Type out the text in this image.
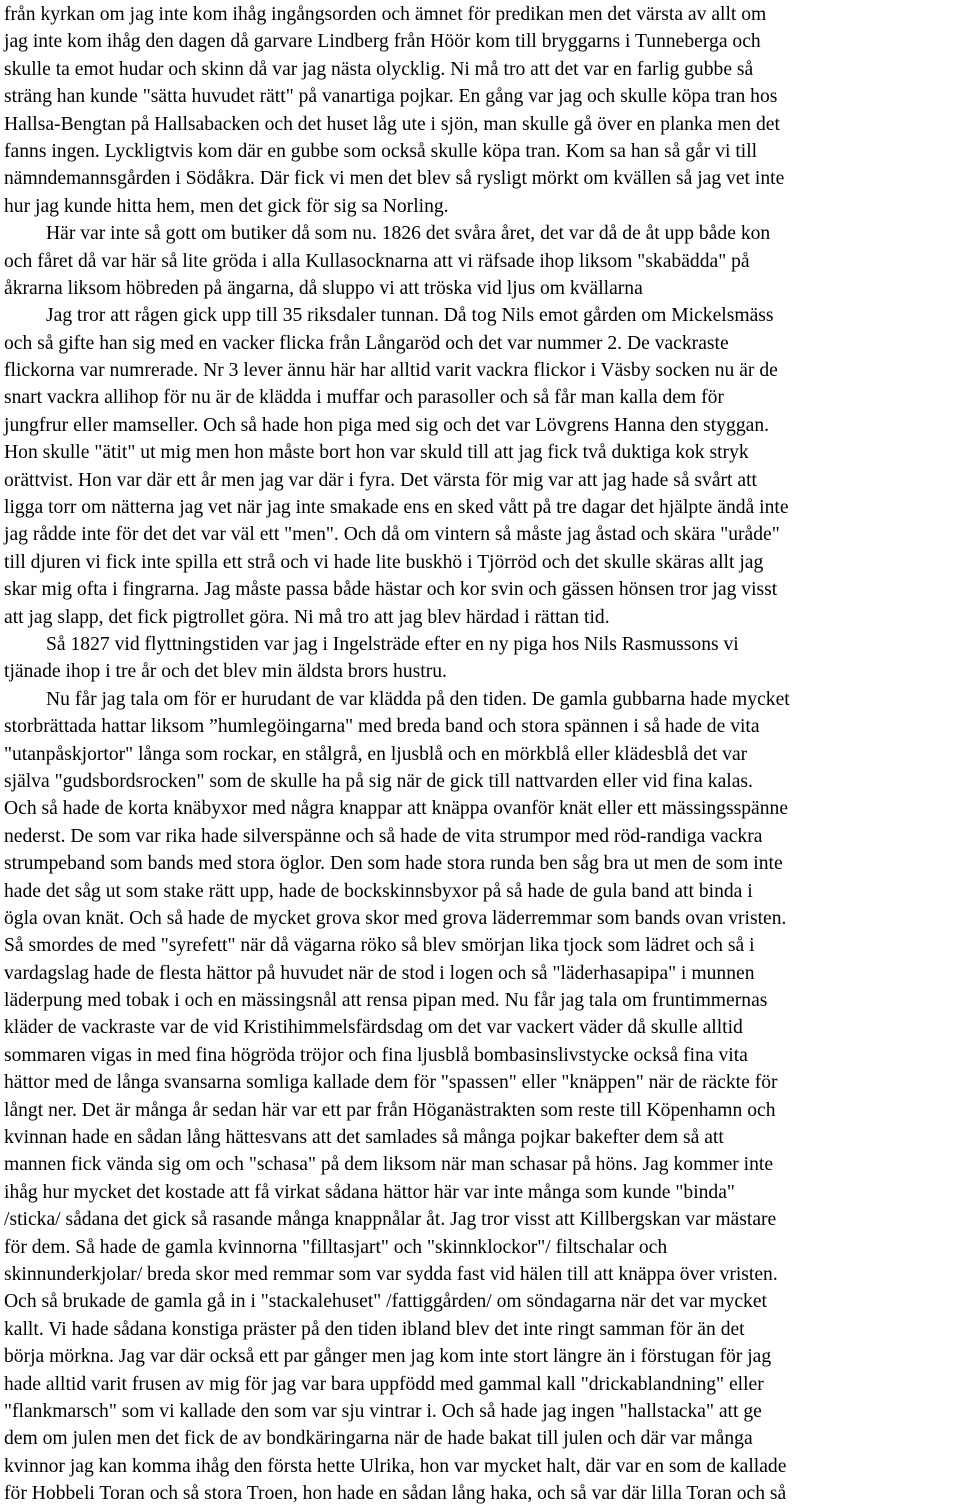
från kyrkan om jag inte kom ihåg ingångsorden och ämnet för predikan men det värsta av allt om
jag inte kom ihåg den dagen då garvare Lindberg från Höör kom till bryggarns i Tunneberga och
skulle ta emot hudar och skinn då var jag nästa olycklig. Ni må tro att det var en farlig gubbe så
sträng han kunde "sätta huvudet rätt" på vanartiga pojkar. En gång var jag och skulle köpa tran hos
Hallsa-Bengtan på Hallsabacken och det huset låg ute i sjön, man skulle gå över en planka men det
fanns ingen. Lyckligtvis kom där en gubbe som också skulle köpa tran. Kom sa han så går vi till
nämndemannsgården i Södåkra. Där fick vi men det blev så rysligt mörkt om kvällen så jag vet inte
hur jag kunde hitta hem, men det gick för sig sa Norling.
Här var inte så gott om butiker då som nu. 1826 det svåra året, det var då de åt upp både kon
och fåret då var här så lite gröda i alla Kullasocknarna att vi räfsade ihop liksom "skabädda" på
åkrarna liksom höbreden på ängarna, då sluppo vi att tröska vid ljus om kvällarna
Jag tror att rågen gick upp till 35 riksdaler tunnan. Då tog Nils emot gården om Mickelsmäss
och så gifte han sig med en vacker flicka från Långaröd och det var nummer 2. De vackraste
flickorna var numrerade. Nr 3 lever ännu här har alltid varit vackra flickor i Väsby socken nu är de
snart vackra allihop för nu är de klädda i muffar och parasoller och så får man kalla dem för
jungfrur eller mamseller. Och så hade hon piga med sig och det var Lövgrens Hanna den styggan.
Hon skulle "ätit" ut mig men hon måste bort hon var skuld till att jag fick två duktiga kok stryk
orättvist. Hon var där ett år men jag var där i fyra. Det värsta för mig var att jag hade så svårt att
ligga torr om nätterna jag vet när jag inte smakade ens en sked vått på tre dagar det hjälpte ändå inte
jag rådde inte för det det var väl ett "men". Och då om vintern så måste jag åstad och skära "uråde"
till djuren vi fick inte spilla ett strå och vi hade lite buskhö i Tjörröd och det skulle skäras allt jag
skar mig ofta i fingrarna. Jag måste passa både hästar och kor svin och gässen hönsen tror jag visst
att jag slapp, det fick pigtrollet göra. Ni må tro att jag blev härdad i rättan tid.
Så 1827 vid flyttningstiden var jag i Ingelsträde efter en ny piga hos Nils Rasmussons vi
tjänade ihop i tre år och det blev min äldsta brors hustru.
Nu får jag tala om för er hurudant de var klädda på den tiden. De gamla gubbarna hade mycket
storbrättada hattar liksom ”humlegöingarna" med breda band och stora spännen i så hade de vita
"utanpåskjortor" långa som rockar, en stålgrå, en ljusblå och en mörkblå eller klädesblå det var
själva "gudsbordsrocken" som de skulle ha på sig när de gick till nattvarden eller vid fina kalas.
Och så hade de korta knäbyxor med några knappar att knäppa ovanför knät eller ett mässingsspänne
nederst. De som var rika hade silverspänne och så hade de vita strumpor med röd-randiga vackra
strumpeband som bands med stora öglor. Den som hade stora runda ben såg bra ut men de som inte
hade det såg ut som stake rätt upp, hade de bockskinnsbyxor på så hade de gula band att binda i
ögla ovan knät. Och så hade de mycket grova skor med grova läderremmar som bands ovan vristen.
Så smordes de med "syrefett" när då vägarna röko så blev smörjan lika tjock som lädret och så i
vardagslag hade de flesta hättor på huvudet när de stod i logen och så "läderhasapipa" i munnen
läderpung med tobak i och en mässingsnål att rensa pipan med. Nu får jag tala om fruntimmernas
kläder de vackraste var de vid Kristihimmelsfärdsdag om det var vackert väder då skulle alltid
sommaren vigas in med fina högröda tröjor och fina ljusblå bombasinslivstycke också fina vita
hättor med de långa svansarna somliga kallade dem för "spassen" eller "knäppen" när de räckte för
långt ner. Det är många år sedan här var ett par från Höganästrakten som reste till Köpenhamn och
kvinnan hade en sådan lång hättesvans att det samlades så många pojkar bakefter dem så att
mannen fick vända sig om och "schasa" på dem liksom när man schasar på höns. Jag kommer inte
ihåg hur mycket det kostade att få virkat sådana hättor här var inte många som kunde "binda"
/sticka/ sådana det gick så rasande många knappnålar åt. Jag tror visst att Killbergskan var mästare
för dem. Så hade de gamla kvinnorna "filltasjart" och "skinnklockor"/ filtschalar och
skinnunderkjolar/ breda skor med remmar som var sydda fast vid hälen till att knäppa över vristen.
Och så brukade de gamla gå in i "stackalehuset" /fattiggården/ om söndagarna när det var mycket
kallt. Vi hade sådana konstiga präster på den tiden ibland blev det inte ringt samman för än det
börja mörkna. Jag var där också ett par gånger men jag kom inte stort längre än i förstugan för jag
hade alltid varit frusen av mig för jag var bara uppfödd med gammal kall "drickablandning" eller
"flankmarsch" som vi kallade den som var sju vintrar i. Och så hade jag ingen "hallstacka" att ge
dem om julen men det fick de av bondkäringarna när de hade bakat till julen och där var många
kvinnor jag kan komma ihåg den första hette Ulrika, hon var mycket halt, där var en som de kallade
för Hobbeli Toran och så stora Troen, hon hade en sådan lång haka, och så var där lilla Toran och så
